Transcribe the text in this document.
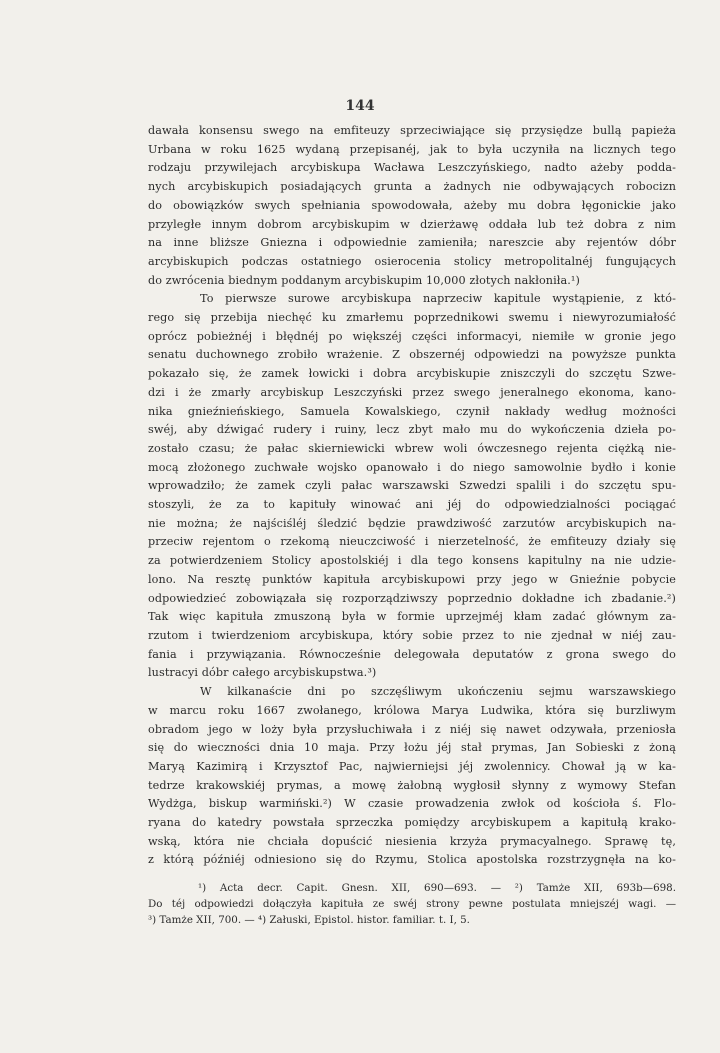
144
dawała konsensu swego na emfiteuzy sprzeciwiające się przysiędze bullą papieża
Urbana w roku 1625 wydaną przepisanéj, jak to była uczyniła na licznych tego
rodzaju przywilejach arcybiskupa Wacława Leszczyńskiego, nadto ażeby podda-
nych arcybiskupich posiadających grunta a żadnych nie odbywających robocizn
do obowiązków swych spełniania spowodowała, ażeby mu dobra łęgonickie jako
przyległe innym dobrom arcybiskupim w dzierżawę oddała lub też dobra z nim
na inne bliższe Gniezna i odpowiednie zamieniła; nareszcie aby rejentów dóbr
arcybiskupich podczas ostatniego osierocenia stolicy metropolitalnéj fungujących
do zwrócenia biednym poddanym arcybiskupim 10,000 złotych nakłoniła.¹)
To pierwsze surowe arcybiskupa naprzeciw kapitule wystąpienie, z któ-
rego się przebija niechęć ku zmarłemu poprzednikowi swemu i niewyrozumiałość
oprócz pobieżnéj i błędnéj po większéj części informacyi, niemiłe w gronie jego
senatu duchownego zrobiło wrażenie. Z obszernéj odpowiedzi na powyższe punkta
pokazało się, że zamek łowicki i dobra arcybiskupie zniszczyli do szczętu Szwe-
dzi i że zmarły arcybiskup Leszczyński przez swego jeneralnego ekonoma, kano-
nika gnieźnieńskiego, Samuela Kowalskiego, czynił nakłady według możności
swéj, aby dźwigać rudery i ruiny, lecz zbyt mało mu do wykończenia dzieła po-
zostało czasu; że pałac skierniewicki wbrew woli ówczesnego rejenta ciężką nie-
mocą złożonego zuchwałe wojsko opanowało i do niego samowolnie bydło i konie
wprowadziło; że zamek czyli pałac warszawski Szwedzi spalili i do szczętu spu-
stoszyli, że za to kapituły winować ani jéj do odpowiedzialności pociągać
nie można; że najściśléj śledzić będzie prawdziwość zarzutów arcybiskupich na-
przeciw rejentom o rzekomą nieuczciwość i nierzetelność, że emfiteuzy działy się
za potwierdzeniem Stolicy apostolskiéj i dla tego konsens kapitulny na nie udzie-
lono. Na resztę punktów kapituła arcybiskupowi przy jego w Gnieźnie pobycie
odpowiedzieć zobowiązała się rozporządziwszy poprzednio dokładne ich zbadanie.²)
Tak więc kapituła zmuszoną była w formie uprzejméj kłam zadać głównym za-
rzutom i twierdzeniom arcybiskupa, który sobie przez to nie zjednał w niéj zau-
fania i przywiązania. Równocześnie delegowała deputatów z grona swego do
lustracyi dóbr całego arcybiskupstwa.³)
W kilkanaście dni po szczęśliwym ukończeniu sejmu warszawskiego
w marcu roku 1667 zwołanego, królowa Marya Ludwika, która się burzliwym
obradom jego w loży była przysłuchiwała i z niéj się nawet odzywała, przeniosła
się do wieczności dnia 10 maja. Przy łożu jéj stał prymas, Jan Sobieski z żoną
Maryą Kazimirą i Krzysztof Pac, najwierniejsi jéj zwolennicy. Chował ją w ka-
tedrze krakowskiéj prymas, a mowę żałobną wygłosił słynny z wymowy Stefan
Wydżga, biskup warmiński.²) W czasie prowadzenia zwłok od kościoła ś. Flo-
ryana do katedry powstała sprzeczka pomiędzy arcybiskupem a kapitułą krako-
wską, która nie chciała dopuścić niesienia krzyża prymacyalnego. Sprawę tę,
z którą późniéj odniesiono się do Rzymu, Stolica apostolska rozstrzygnęła na ko-
¹) Acta decr. Capit. Gnesn. XII, 690—693. — ²) Tamże XII, 693b—698.
Do téj odpowiedzi dołączyła kapituła ze swéj strony pewne postulata mniejszéj wagi. —
³) Tamże XII, 700. — ⁴) Załuski, Epistol. histor. familiar. t. I, 5.
